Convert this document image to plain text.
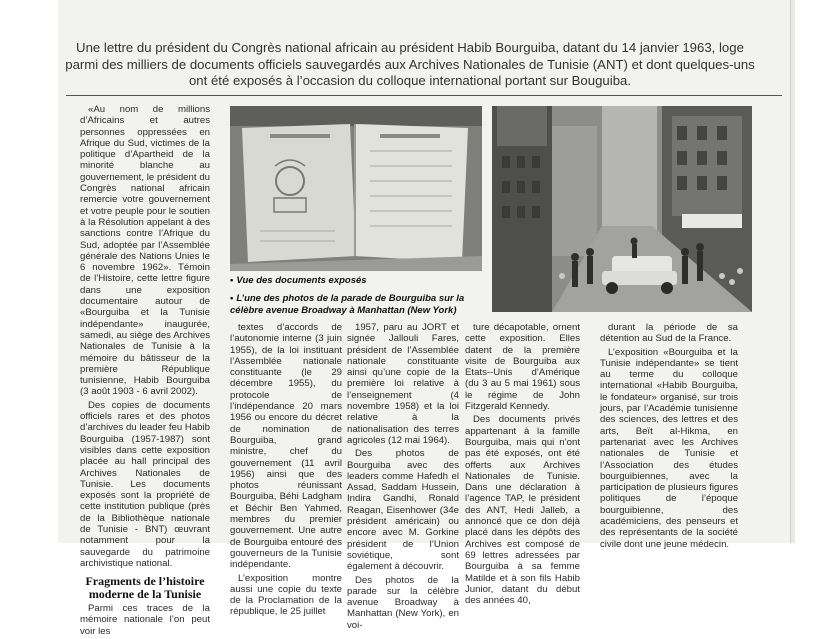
Une lettre du président du Congrès national africain au président Habib Bourguiba, datant du 14 janvier 1963, loge parmi des milliers de documents officiels sauvegardés aux Archives Nationales de Tunisie (ANT) et dont quelques-uns ont été exposés à l’occasion du colloque international portant sur Bouguiba.

«Au nom de millions d’Africains et autres personnes oppressées en Afrique du Sud, victimes de la politique d’Apartheid de la minorité blanche au gouvernement, le président du Congrès national africain remercie votre gouvernement et votre peuple pour le soutien à la Résolution appelant à des sanctions contre l’Afrique du Sud, adoptée par l’Assemblée générale des Nations Unies le 6 novembre 1962». Témoin de l’Histoire, cette lettre figure dans une exposition documentaire autour de «Bourguiba et la Tunisie indépendante» inaugurée, samedi, au siège des Archives Nationales de Tunisie à la mémoire du bâtisseur de la première République tunisienne, Habib Bourguiba (3 août 1903 - 6 avril 2002).

Des copies de documents officiels rares et des photos d’archives du leader feu Habib Bourguiba (1957-1987) sont visibles dans cette exposition placée au hall principal des Archives Nationales de Tunisie. Les documents exposés sont la propriété de cette institution publique (près de la Bibliothèque nationale de Tunisie - BNT) œuvrant notamment pour la sauvegarde du patrimoine archivistique national.

Fragments de l’histoire moderne de la Tunisie

Parmi ces traces de la mémoire nationale l’on peut voir les

• Vue des documents exposés
• L’une des photos de la parade de Bourguiba sur la célèbre avenue Broadway à Manhattan (New York)

textes d’accords de l’autonomie interne (3 juin 1955), de la loi instituant l’Assemblée nationale constituante (le 29 décembre 1955), du protocole de l’indépendance 20 mars 1956 ou encore du décret de nomination de Bourguiba, grand ministre, chef du gouvernement (11 avril 1956) ainsi que des photos réunissant Bourguiba, Béhi Ladgham et Béchir Ben Yahmed, membres du premier gouvernement. Une autre de Bourguiba entouré des gouverneurs de la Tunisie indépendante.

L’exposition montre aussi une copie du texte de la Proclamation de la république, le 25 juillet

1957, paru au JORT et signée Jallouli Fares, président de l’Assemblée nationale constituante ainsi qu’une copie de la première loi relative à l’enseignement (4 novembre 1958) et la loi relative à la nationalisation des terres agricoles (12 mai 1964).

Des photos de Bourguiba avec des leaders comme Hafedh el Assad, Saddam Hussein, Indira Gandhi, Ronald Reagan, Eisenhower (34e président américain) ou encore avec M. Gorkine président de l’Union soviétique, sont également à découvrir.

Des photos de la parade sur la célèbre avenue Broadway à Manhattan (New York), en voi-

ture décapotable, ornent cette exposition. Elles datent de la première visite de Bourguiba aux Etats--Unis d’Amérique (du 3 au 5 mai 1961) sous le régime de John Fitzgerald Kennedy.

Des documents privés appartenant à la famille Bourguiba, mais qui n’ont pas été exposés, ont été offerts aux Archives Nationales de Tunisie. Dans une déclaration à l’agence TAP, le président des ANT, Hedi Jalleb, a annoncé que ce don déjà placé dans les dépôts des Archives est composé de 69 lettres adressées par Bourguiba à sa femme Matilde et à son fils Habib Junior, datant du début des années 40,

durant la période de sa détention au Sud de la France.

L’exposition «Bourguiba et la Tunisie indépendante» se tient au terme du colloque international «Habib Bourguiba, le fondateur» organisé, sur trois jours, par l’Académie tunisienne des sciences, des lettres et des arts, Beït al-Hikma, en partenariat avec les Archives nationales de Tunisie et l’Association des études bourguibiennes, avec la participation de plusieurs figures politiques de l’époque bourguibienne, des académiciens, des penseurs et des représentants de la société civile dont une jeune médecin.
